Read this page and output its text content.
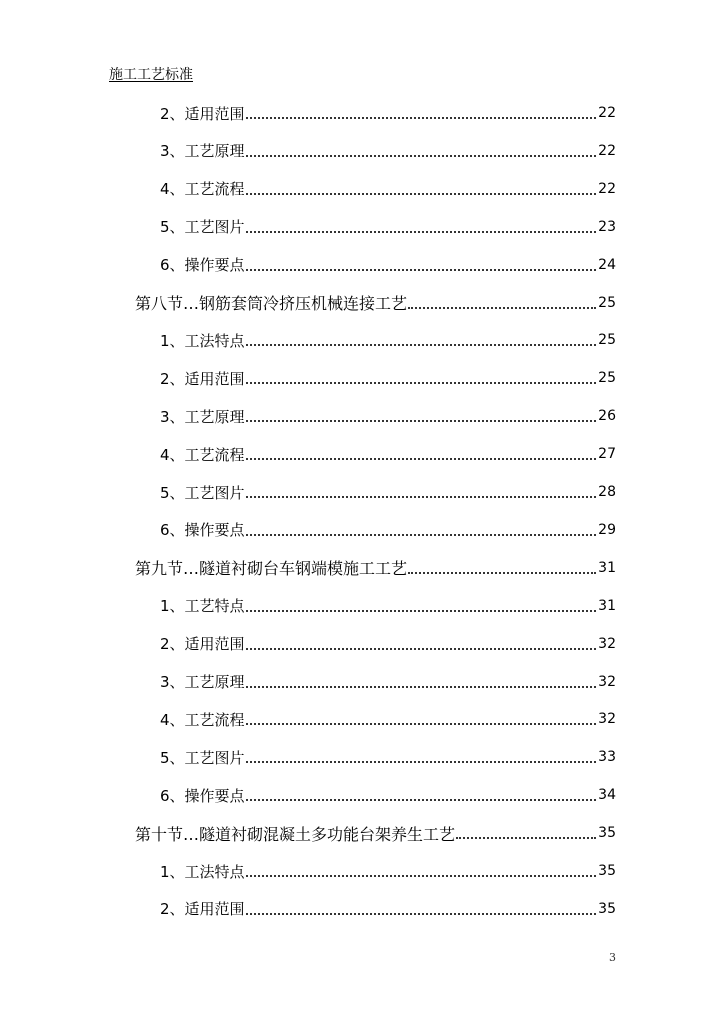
施工工艺标准
2、适用范围	22
3、工艺原理	22
4、工艺流程	22
5、工艺图片	23
6、操作要点	24
第八节…钢筋套筒冷挤压机械连接工艺	25
1、工法特点	25
2、适用范围	25
3、工艺原理	26
4、工艺流程	27
5、工艺图片	28
6、操作要点	29
第九节…隧道衬砌台车钢端模施工工艺	31
1、工艺特点	31
2、适用范围	32
3、工艺原理	32
4、工艺流程	32
5、工艺图片	33
6、操作要点	34
第十节…隧道衬砌混凝土多功能台架养生工艺	35
1、工法特点	35
2、适用范围	35
3
